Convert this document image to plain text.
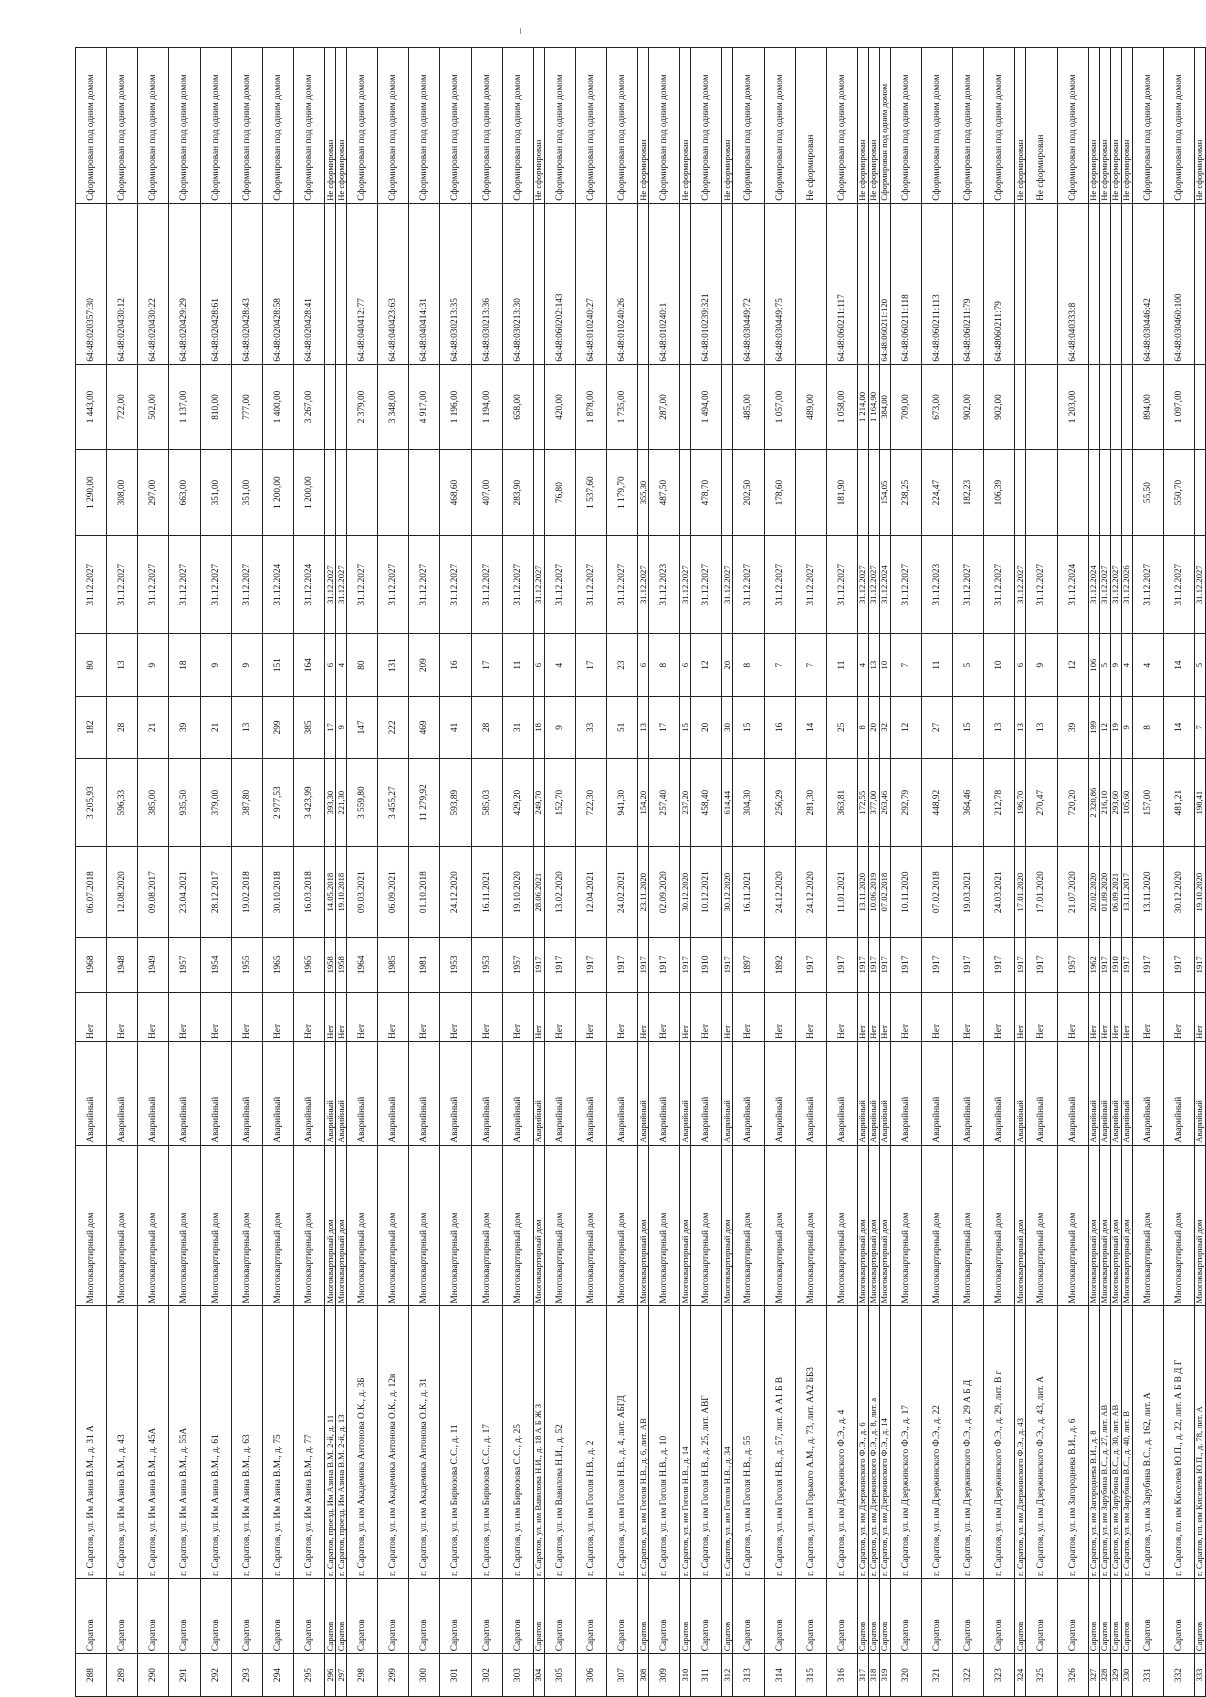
288	Саратов	г. Саратов, ул. Им Азина В.М., д. 31 А	Многоквартирный дом	Аварийный	Нет	1968	06.07.2018	3 205,93	182	80	31.12.2027	1 290,00	1 443,00	64:48:020357:30	Сформирован под одним домом
289	Саратов	г. Саратов, ул. Им Азина В.М., д. 43	Многоквартирный дом	Аварийный	Нет	1948	12.08.2020	596,33	28	13	31.12.2027	308,00	722,00	64:48:020430:12	Сформирован под одним домом
290	Саратов	г. Саратов, ул. Им Азина В.М., д. 45А	Многоквартирный дом	Аварийный	Нет	1949	09.08.2017	385,00	21	9	31.12.2027	297,00	502,00	64:48:020430:22	Сформирован под одним домом
291	Саратов	г. Саратов, ул. Им Азина В.М., д. 55А	Многоквартирный дом	Аварийный	Нет	1957	23.04.2021	935,50	39	18	31.12.2027	663,00	1 137,00	64:48:020429:29	Сформирован под одним домом
292	Саратов	г. Саратов, ул. Им Азина В.М., д. 61	Многоквартирный дом	Аварийный	Нет	1954	28.12.2017	379,00	21	9	31.12.2027	351,00	810,00	64:48:020428:61	Сформирован под одним домом
293	Саратов	г. Саратов, ул. Им Азина В.М., д. 63	Многоквартирный дом	Аварийный	Нет	1955	19.02.2018	387,80	13	9	31.12.2027	351,00	777,00	64:48:020428:43	Сформирован под одним домом
294	Саратов	г. Саратов, ул. Им Азина В.М., д. 75	Многоквартирный дом	Аварийный	Нет	1965	30.10.2018	2 977,53	299	151	31.12.2024	1 200,00	1 400,00	64:48:020428:58	Сформирован под одним домом
295	Саратов	г. Саратов, ул. Им Азина В.М., д. 77	Многоквартирный дом	Аварийный	Нет	1965	16.03.2018	3 423,99	385	164	31.12.2024	1 200,00	3 267,00	64:48:020428:41	Сформирован под одним домом
296	Саратов	г. Саратов, проезд. Им Азина В.М. 2-й, д. 11	Многоквартирный дом	Аварийный	Нет	1958	14.05.2018	393,30	17	6	31.12.2027				Не сформирован
297	Саратов	г. Саратов, проезд. Им Азина В.М. 2-й, д. 13	Многоквартирный дом	Аварийный	Нет	1958	19.10.2018	221,30	9	4	31.12.2027				Не сформирован
298	Саратов	г. Саратов, ул. им Академика Антонова О.К., д. 3Б	Многоквартирный дом	Аварийный	Нет	1964	09.03.2021	3 559,80	147	80	31.12.2027		2 379,00	64:48:040412:77	Сформирован под одним домом
299	Саратов	г. Саратов, ул. им Академика Антонова О.К., д. 12в	Многоквартирный дом	Аварийный	Нет	1985	06.09.2021	3 455,27	222	131	31.12.2027		3 348,00	64:48:040423:63	Сформирован под одним домом
300	Саратов	г. Саратов, ул. им Академика Антонова О.К., д. 31	Многоквартирный дом	Аварийный	Нет	1981	01.10.2018	11 279,92	469	209	31.12.2027		4 917,00	64:48:040414:31	Сформирован под одним домом
301	Саратов	г. Саратов, ул. им Бирюзова С.С., д. 11	Многоквартирный дом	Аварийный	Нет	1953	24.12.2020	593,89	41	16	31.12.2027	468,60	1 196,00	64:48:030213:35	Сформирован под одним домом
302	Саратов	г. Саратов, ул. им Бирюзова С.С., д. 17	Многоквартирный дом	Аварийный	Нет	1953	16.11.2021	585,03	28	17	31.12.2027	407,00	1 194,00	64:48:030213:36	Сформирован под одним домом
303	Саратов	г. Саратов, ул. им Бирюзова С.С., д. 25	Многоквартирный дом	Аварийный	Нет	1957	19.10.2020	429,20	31	11	31.12.2027	283,90	658,00	64:48:030213:30	Сформирован под одним домом
304	Саратов	г. Саратов, ул. им Вавилова Н.И., д. 18 А Б Ж З	Многоквартирный дом	Аварийный	Нет	1917	28.06.2021	249,70	18	6	31.12.2027				Не сформирован
305	Саратов	г. Саратов, ул. им Вавилова Н.И., д. 52	Многоквартирный дом	Аварийный	Нет	1917	13.02.2020	152,70	9	4	31.12.2027	76,80	420,00	64:48:060202:143	Сформирован под одним домом
306	Саратов	г. Саратов, ул. им Гоголя Н.В., д. 2	Многоквартирный дом	Аварийный	Нет	1917	12.04.2021	722,30	33	17	31.12.2027	1 537,60	1 878,00	64:48:010240:27	Сформирован под одним домом
307	Саратов	г. Саратов, ул. им Гоголя Н.В., д. 4, лит. АБГД	Многоквартирный дом	Аварийный	Нет	1917	24.02.2021	941,30	51	23	31.12.2027	1 179,70	1 735,00	64:48:010240:26	Сформирован под одним домом
308	Саратов	г. Саратов, ул. им Гоголя Н.В., д. 6, лит. АВ	Многоквартирный дом	Аварийный	Нет	1917	23.11.2020	154,20	13	6	31.12.2027	355,30			Не сформирован
309	Саратов	г. Саратов, ул. им Гоголя Н.В., д. 10	Многоквартирный дом	Аварийный	Нет	1917	02.09.2020	257,40	17	8	31.12.2023	487,50	287,00	64:48:010240:1	Сформирован под одним домом
310	Саратов	г. Саратов, ул. им Гоголя Н.В., д. 14	Многоквартирный дом	Аварийный	Нет	1917	30.12.2020	237,20	15	6	31.12.2027				Не сформирован
311	Саратов	г. Саратов, ул. им Гоголя Н.В., д. 25, лит. АВГ	Многоквартирный дом	Аварийный	Нет	1910	10.12.2021	458,40	20	12	31.12.2027	478,70	1 494,00	64:48:010239:321	Сформирован под одним домом
312	Саратов	г. Саратов, ул. им Гоголя Н.В., д. 34	Многоквартирный дом	Аварийный	Нет	1917	30.12.2020	614,44	30	20	31.12.2027				Не сформирован
313	Саратов	г. Саратов, ул. им Гоголя Н.В., д. 55	Многоквартирный дом	Аварийный	Нет	1897	16.11.2021	304,30	15	8	31.12.2027	202,50	485,00	64:48:030449:72	Сформирован под одним домом
314	Саратов	г. Саратов, ул. им Гоголя Н.В., д. 57, лит. А А1 Б В	Многоквартирный дом	Аварийный	Нет	1892	24.12.2020	256,29	16	7	31.12.2027	178,60	1 057,00	64:48:030449:75	Сформирован под одним домом
315	Саратов	г. Саратов, ул. им Горького А.М., д. 73, лит. АА2 ББ3	Многоквартирный дом	Аварийный	Нет	1917	24.12.2020	281,30	14	7	31.12.2027		489,00		Не сформирован
316	Саратов	г. Саратов, ул. им Дзержинского Ф.Э., д. 4	Многоквартирный дом	Аварийный	Нет	1917	11.01.2021	363,81	25	11	31.12.2027	181,90	1 058,00	64:48:060211:117	Сформирован под одним домом
317	Саратов	г. Саратов, ул. им Дзержинского Ф.Э., д. 6	Многоквартирный дом	Аварийный	Нет	1917	13.11.2020	172,55	8	4	31.12.2027		1 214,00		Не сформирован
318	Саратов	г. Саратов, ул. им Дзержинского Ф.Э., д. 8, лит. а	Многоквартирный дом	Аварийный	Нет	1917	10.06.2019	377,00	20	13	31.12.2027		1 164,90		Не сформирован
319	Саратов	г. Саратов, ул. им Дзержинского Ф.Э., д. 14	Многоквартирный дом	Аварийный	Нет	1917	07.02.2018	263,46	32	10	31.12.2024	154,05	384,00	64:48:060211:120	Сформирован под одним домом
320	Саратов	г. Саратов, ул. им Дзержинского Ф.Э., д. 17	Многоквартирный дом	Аварийный	Нет	1917	10.11.2020	292,79	12	7	31.12.2027	238,25	709,00	64:48:060211:118	Сформирован под одним домом
321	Саратов	г. Саратов, ул. им Дзержинского Ф.Э., д. 22	Многоквартирный дом	Аварийный	Нет	1917	07.02.2018	448,92	27	11	31.12.2023	224,47	673,00	64:48:060211:113	Сформирован под одним домом
322	Саратов	г. Саратов, ул. им Дзержинского Ф.Э., д. 29 А Б Д	Многоквартирный дом	Аварийный	Нет	1917	19.03.2021	364,46	15	5	31.12.2027	182,23	902,00	64:48:060211:79	Сформирован под одним домом
323	Саратов	г. Саратов, ул. им Дзержинского Ф.Э., д. 29, лит. В г	Многоквартирный дом	Аварийный	Нет	1917	24.03.2021	212,78	13	10	31.12.2027	106,39	902,00	64:48060211:79	Сформирован под одним домом
324	Саратов	г. Саратов, ул. им Дзержинского Ф.Э., д. 43	Многоквартирный дом	Аварийный	Нет	1917	17.01.2020	196,70	13	6	31.12.2027				Не сформирован
325	Саратов	г. Саратов, ул. им Дзержинского Ф.Э., д. 43, лит. А	Многоквартирный дом	Аварийный	Нет	1917	17.01.2020	270,47	13	9	31.12.2027				Не сформирован
326	Саратов	г. Саратов, ул. им Загороднева В.И., д. 6	Многоквартирный дом	Аварийный	Нет	1957	21.07.2020	720,20	39	12	31.12.2024		1 203,00	64:48:040333:8	Сформирован под одним домом
327	Саратов	г. Саратов, ул. им Загороднева В.И., д. 8	Многоквартирный дом	Аварийный	Нет	1962	20.02.2020	2 320,86	199	106	31.12.2024				Не сформирован
328	Саратов	г. Саратов, ул. им Зарубина В.С., д. 27, лит. АВ	Многоквартирный дом	Аварийный	Нет	1917	01.09.2020	216,10	12	5	31.12.2027				Не сформирован
329	Саратов	г. Саратов, ул. им Зарубина В.С., д. 30, лит. АВ	Многоквартирный дом	Аварийный	Нет	1910	06.09.2021	293,60	19	9	31.12.2027				Не сформирован
330	Саратов	г. Саратов, ул. им Зарубина В.С., д. 40, лит. В	Многоквартирный дом	Аварийный	Нет	1917	13.11.2017	105,60	9	4	31.12.2026				Не сформирован
331	Саратов	г. Саратов, ул. им Зарубина В.С., д. 162, лит. А	Многоквартирный дом	Аварийный	Нет	1917	13.11.2020	157,00	8	4	31.12.2027	55,50	894,00	64:48:030446:42	Сформирован под одним домом
332	Саратов	г. Саратов, пл. им Киселева Ю.П., д. 22, лит. А Б В Д Г	Многоквартирный дом	Аварийный	Нет	1917	30.12.2020	481,21	14	14	31.12.2027	550,70	1 097,00	64:48:030460:100	Сформирован под одним домом
333	Саратов	г. Саратов, пл. им Киселева Ю.П., д. 78, лит. А	Многоквартирный дом	Аварийный	Нет	1917	19.10.2020	198,41	7	5	31.12.2027				Не сформирован
